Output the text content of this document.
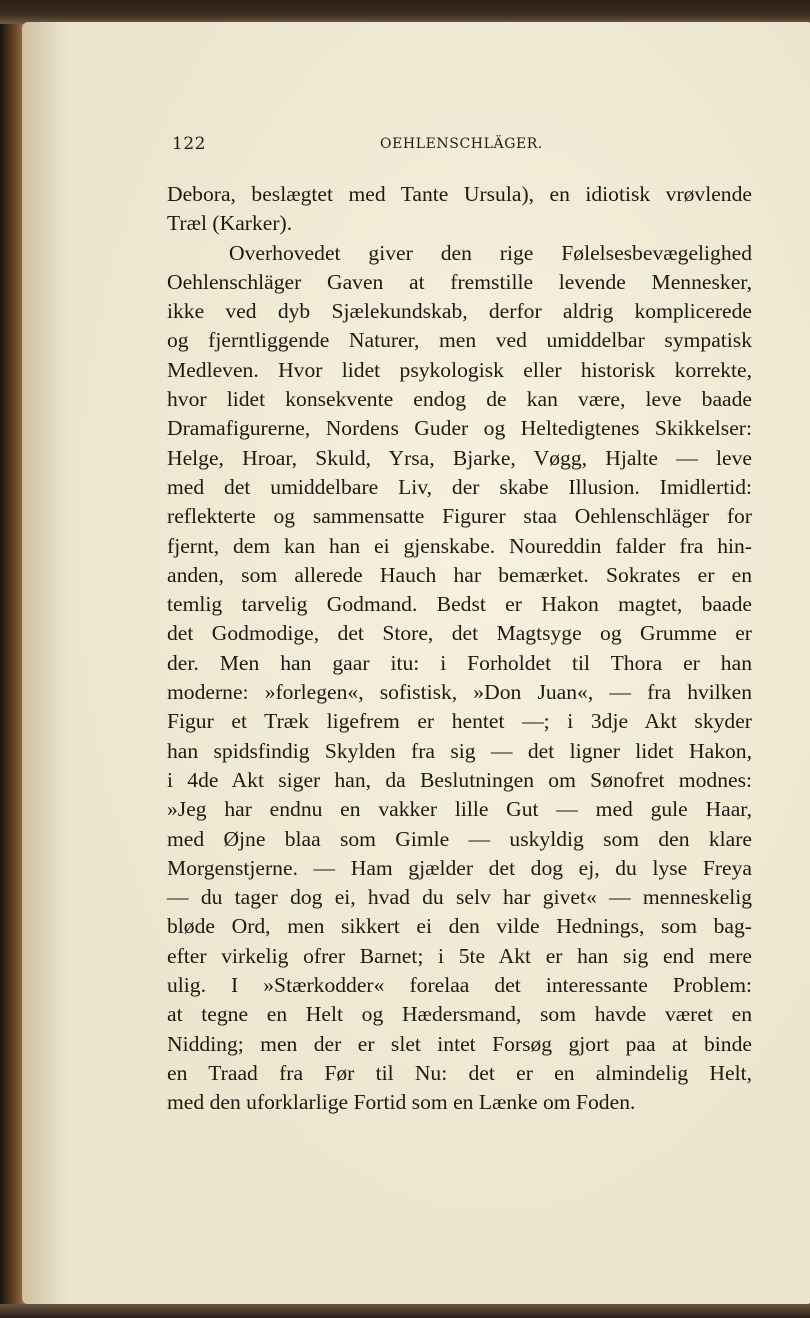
122	OEHLENSCHLÄGER.
Debora, beslægtet med Tante Ursula), en idiotisk vrøvlende
Træl (Karker).
Overhovedet giver den rige Følelsesbevægelighed
Oehlenschläger Gaven at fremstille levende Mennesker,
ikke ved dyb Sjælekundskab, derfor aldrig komplicerede
og fjerntliggende Naturer, men ved umiddelbar sympatisk
Medleven. Hvor lidet psykologisk eller historisk korrekte,
hvor lidet konsekvente endog de kan være, leve baade
Dramafigurerne, Nordens Guder og Heltedigtenes Skikkelser:
Helge, Hroar, Skuld, Yrsa, Bjarke, Vøgg, Hjalte — leve
med det umiddelbare Liv, der skabe Illusion. Imidlertid:
reflekterte og sammensatte Figurer staa Oehlenschläger for
fjernt, dem kan han ei gjenskabe. Noureddin falder fra hin-
anden, som allerede Hauch har bemærket. Sokrates er en
temlig tarvelig Godmand. Bedst er Hakon magtet, baade
det Godmodige, det Store, det Magtsyge og Grumme er
der. Men han gaar itu: i Forholdet til Thora er han
moderne: »forlegen«, sofistisk, »Don Juan«, — fra hvilken
Figur et Træk ligefrem er hentet —; i 3dje Akt skyder
han spidsfindig Skylden fra sig — det ligner lidet Hakon,
i 4de Akt siger han, da Beslutningen om Sønofret modnes:
»Jeg har endnu en vakker lille Gut — med gule Haar,
med Øjne blaa som Gimle — uskyldig som den klare
Morgenstjerne. — Ham gjælder det dog ej, du lyse Freya
— du tager dog ei, hvad du selv har givet« — menneskelig
bløde Ord, men sikkert ei den vilde Hednings, som bag-
efter virkelig ofrer Barnet; i 5te Akt er han sig end mere
ulig. I »Stærkodder« forelaa det interessante Problem:
at tegne en Helt og Hædersmand, som havde været en
Nidding; men der er slet intet Forsøg gjort paa at binde
en Traad fra Før til Nu: det er en almindelig Helt,
med den uforklarlige Fortid som en Lænke om Foden.
